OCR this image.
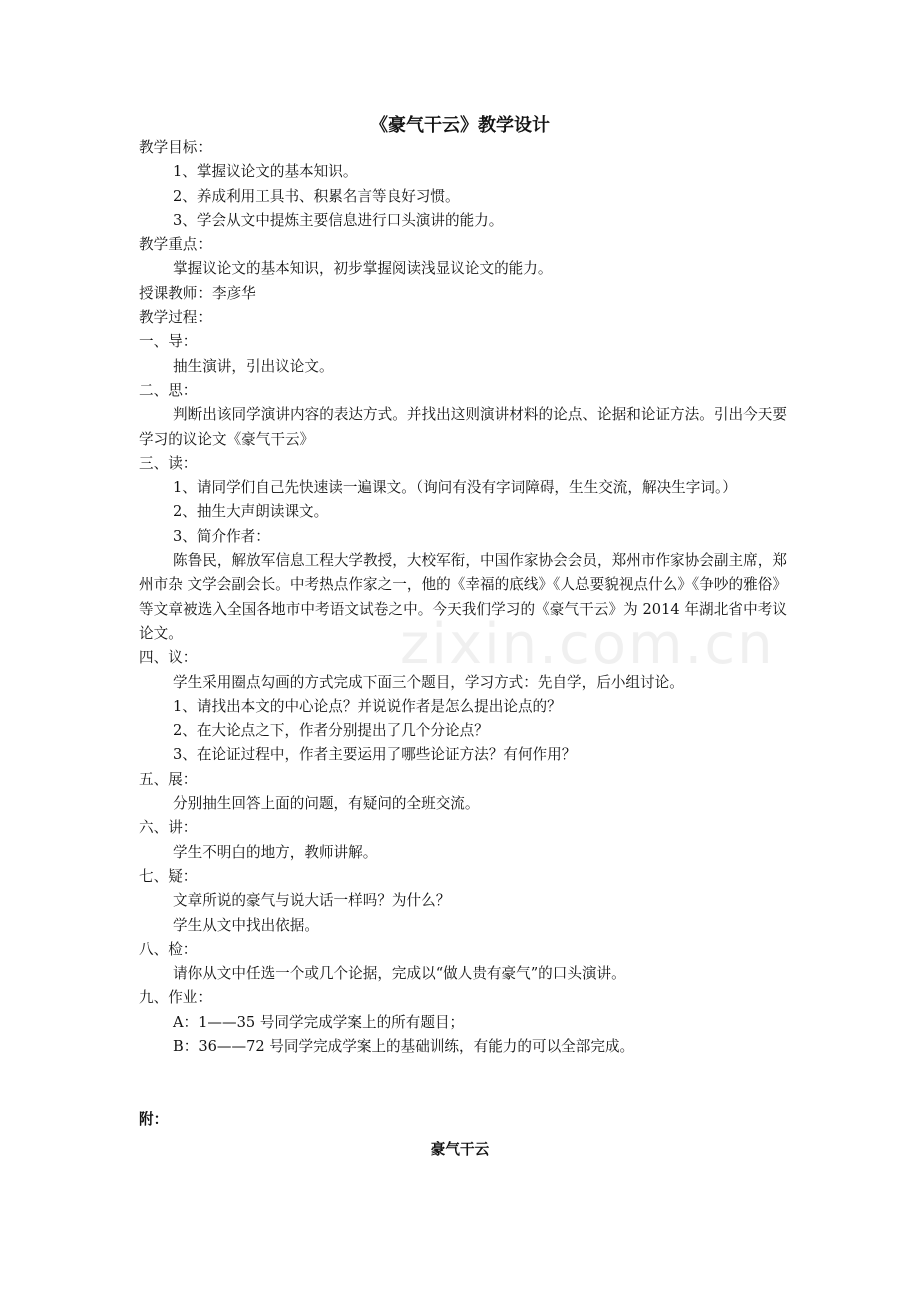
《豪气干云》教学设计

教学目标：

1、掌握议论文的基本知识。

2、养成利用工具书、积累名言等良好习惯。

3、学会从文中提炼主要信息进行口头演讲的能力。

教学重点：

掌握议论文的基本知识，初步掌握阅读浅显议论文的能力。

授课教师：李彦华

教学过程：

一、导：

抽生演讲，引出议论文。

二、思：

判断出该同学演讲内容的表达方式。并找出这则演讲材料的论点、论据和论证方法。引出今天要学习的议论文《豪气干云》

三、读：

1、请同学们自己先快速读一遍课文。（询问有没有字词障碍，生生交流，解决生字词。）

2、抽生大声朗读课文。

3、简介作者：

陈鲁民，解放军信息工程大学教授，大校军衔，中国作家协会会员，郑州市作家协会副主席，郑州市杂 文学会副会长。中考热点作家之一，他的《幸福的底线》《人总要貌视点什么》《争吵的雅俗》等文章被选入全国各地市中考语文试卷之中。今天我们学习的《豪气干云》为 2014 年湖北省中考议论文。

四、议：

学生采用圈点勾画的方式完成下面三个题目，学习方式：先自学，后小组讨论。

1、请找出本文的中心论点？并说说作者是怎么提出论点的？

2、在大论点之下，作者分别提出了几个分论点？

3、在论证过程中，作者主要运用了哪些论证方法？有何作用？

五、展：

分别抽生回答上面的问题，有疑问的全班交流。

六、讲：

学生不明白的地方，教师讲解。

七、疑：

文章所说的豪气与说大话一样吗？为什么？

学生从文中找出依据。

八、检：

请你从文中任选一个或几个论据，完成以“做人贵有豪气”的口头演讲。

九、作业：

A：1——35 号同学完成学案上的所有题目；

B：36——72 号同学完成学案上的基础训练，有能力的可以全部完成。

附：
豪气干云
zixin.com.cn
